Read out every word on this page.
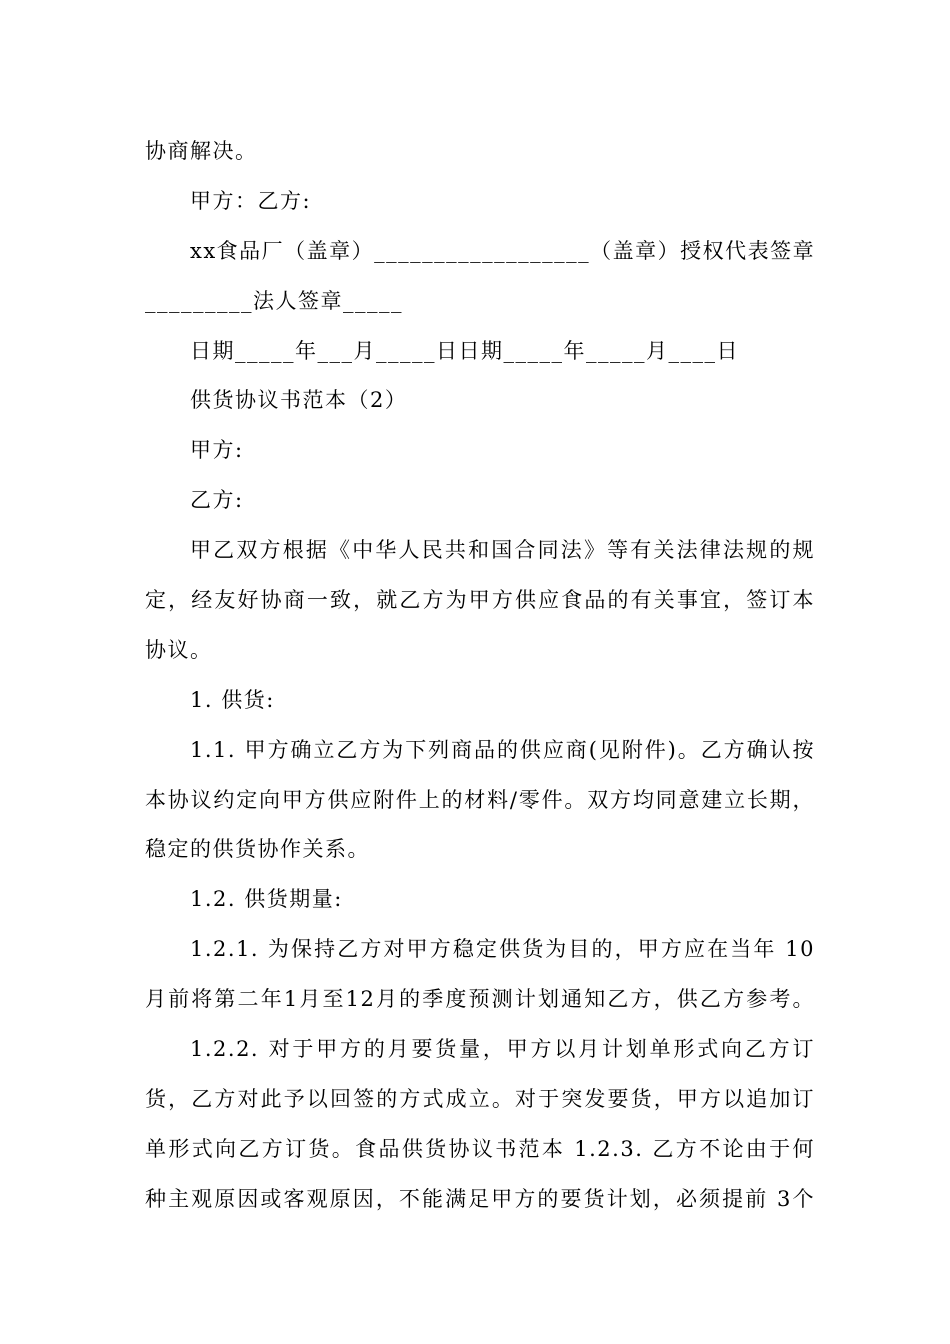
协商解决。
甲方：乙方:
xx食品厂（盖章）__________________（盖章）授权代表签章
_________法人签章_____
日期_____年___月_____日日期_____年_____月____日
供货协议书范本（2）
甲方:
乙方:
甲乙双方根据《中华人民共和国合同法》等有关法律法规的规
定，经友好协商一致，就乙方为甲方供应食品的有关事宜，签订本
协议。
1. 供货:
1.1. 甲方确立乙方为下列商品的供应商(见附件)。乙方确认按
本协议约定向甲方供应附件上的材料/零件。双方均同意建立长期，
稳定的供货协作关系。
1.2. 供货期量:
1.2.1. 为保持乙方对甲方稳定供货为目的，甲方应在当年 10
月前将第二年1月至12月的季度预测计划通知乙方，供乙方参考。
1.2.2. 对于甲方的月要货量，甲方以月计划单形式向乙方订
货，乙方对此予以回签的方式成立。对于突发要货，甲方以追加订
单形式向乙方订货。食品供货协议书范本 1.2.3. 乙方不论由于何
种主观原因或客观原因，不能满足甲方的要货计划，必须提前 3个
